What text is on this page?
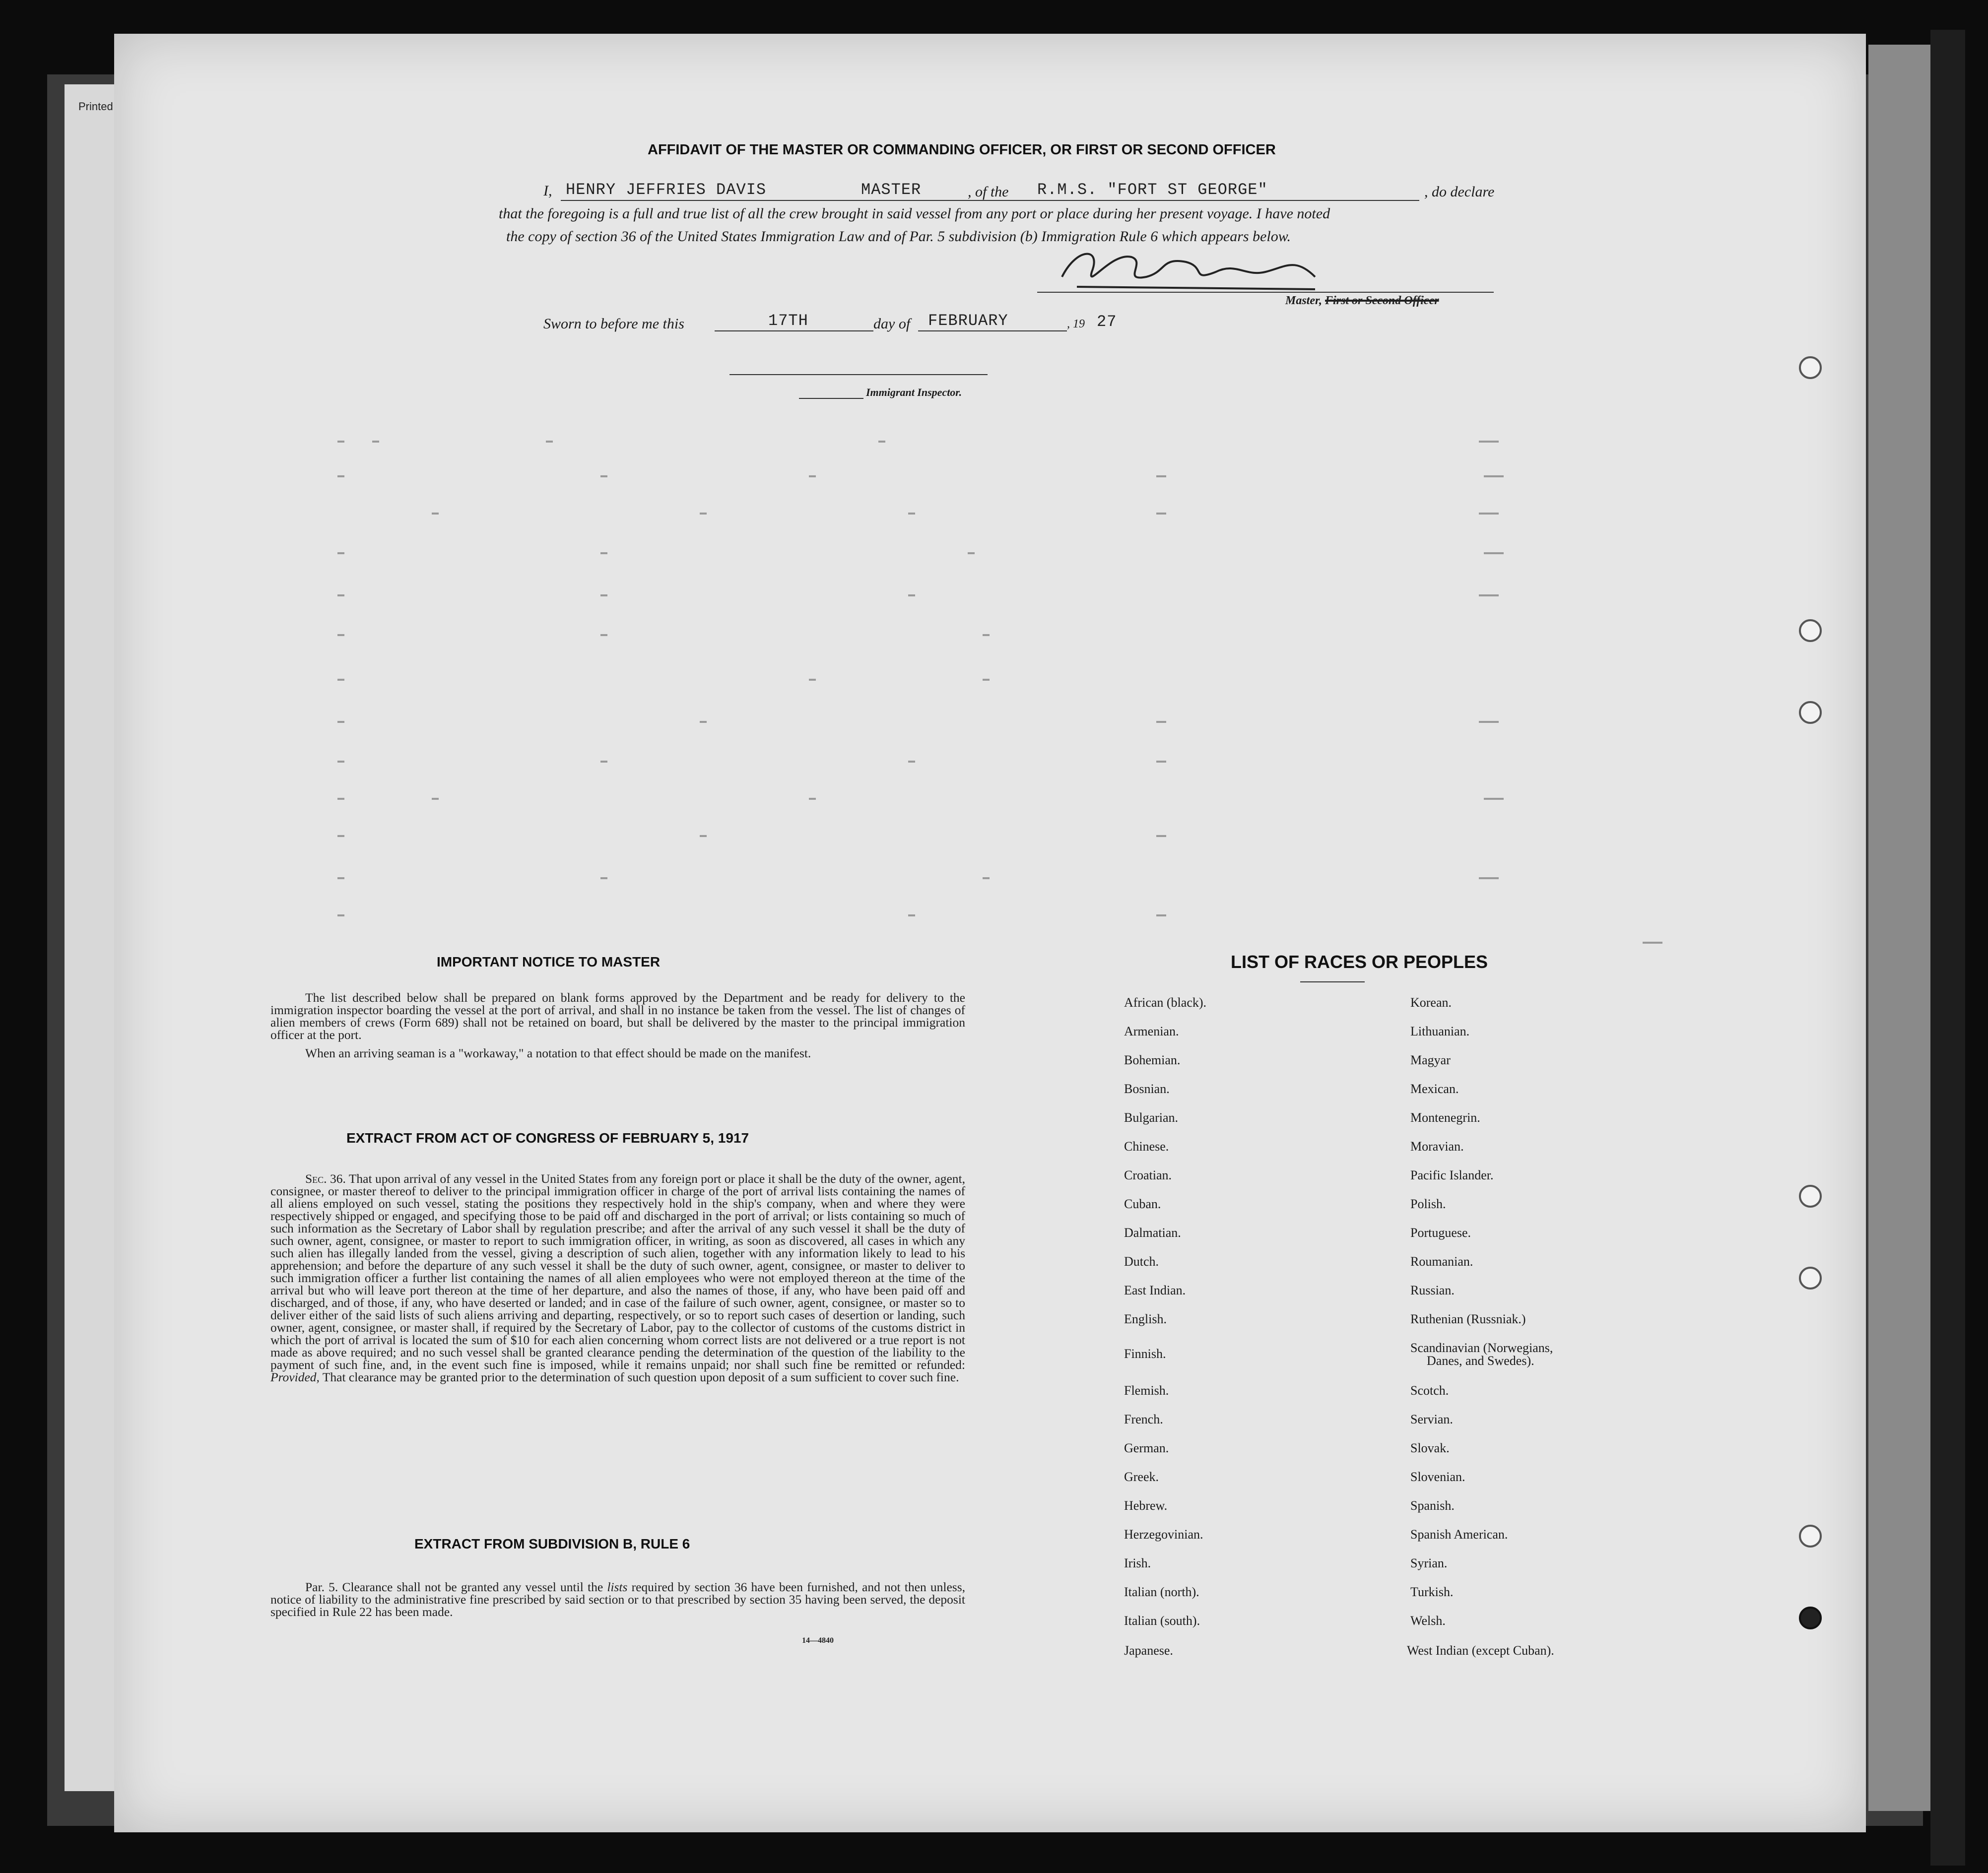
Printed
AFFIDAVIT OF THE MASTER OR COMMANDING OFFICER, OR FIRST OR SECOND OFFICER
I, HENRY JEFFRIES DAVIS	MASTER	, of the R.M.S. "FORT ST GEORGE"	, do declare
that the foregoing is a full and true list of all the crew brought in said vessel from any port or place during her present voyage. I have noted
the copy of section 36 of the United States Immigration Law and of Par. 5 subdivision (b) Immigration Rule 6 which appears below.
Master, First or Second Officer
Sworn to before me this	17TH	day of FEBRUARY	, 19 27
Immigrant Inspector.
IMPORTANT NOTICE TO MASTER

The list described below shall be prepared on blank forms approved by the Department and be ready for delivery to the immigration inspector boarding the vessel at the port of arrival, and shall in no instance be taken from the vessel. The list of changes of alien members of crews (Form 689) shall not be retained on board, but shall be delivered by the master to the principal immigration officer at the port.

When an arriving seaman is a "workaway," a notation to that effect should be made on the manifest.

EXTRACT FROM ACT OF CONGRESS OF FEBRUARY 5, 1917

Sec. 36. That upon arrival of any vessel in the United States from any foreign port or place it shall be the duty of the owner, agent, consignee, or master thereof to deliver to the principal immigration officer in charge of the port of arrival lists containing the names of all aliens employed on such vessel, stating the positions they respectively hold in the ship's company, when and where they were respectively shipped or engaged, and specifying those to be paid off and discharged in the port of arrival; or lists containing so much of such information as the Secretary of Labor shall by regulation prescribe; and after the arrival of any such vessel it shall be the duty of such owner, agent, consignee, or master to report to such immigration officer, in writing, as soon as discovered, all cases in which any such alien has illegally landed from the vessel, giving a description of such alien, together with any information likely to lead to his apprehension; and before the departure of any such vessel it shall be the duty of such owner, agent, consignee, or master to deliver to such immigration officer a further list containing the names of all alien employees who were not employed thereon at the time of the arrival but who will leave port thereon at the time of her departure, and also the names of those, if any, who have been paid off and discharged, and of those, if any, who have deserted or landed; and in case of the failure of such owner, agent, consignee, or master so to deliver either of the said lists of such aliens arriving and departing, respectively, or so to report such cases of desertion or landing, such owner, agent, consignee, or master shall, if required by the Secretary of Labor, pay to the collector of customs of the customs district in which the port of arrival is located the sum of $10 for each alien concerning whom correct lists are not delivered or a true report is not made as above required; and no such vessel shall be granted clearance pending the determination of the question of the liability to the payment of such fine, and, in the event such fine is imposed, while it remains unpaid; nor shall such fine be remitted or refunded: Provided, That clearance may be granted prior to the determination of such question upon deposit of a sum sufficient to cover such fine.

EXTRACT FROM SUBDIVISION B, RULE 6

Par. 5. Clearance shall not be granted any vessel until the lists required by section 36 have been furnished, and not then unless, notice of liability to the administrative fine prescribed by said section or to that prescribed by section 35 having been served, the deposit specified in Rule 22 has been made.

14—4840
LIST OF RACES OR PEOPLES
African (black).
Armenian.
Bohemian.
Bosnian.
Bulgarian.
Chinese.
Croatian.
Cuban.
Dalmatian.
Dutch.
East Indian.
English.
Finnish.
Flemish.
French.
German.
Greek.
Hebrew.
Herzegovinian.
Irish.
Italian (north).
Italian (south).
Japanese.
Korean.
Lithuanian.
Magyar
Mexican.
Montenegrin.
Moravian.
Pacific Islander.
Polish.
Portuguese.
Roumanian.
Russian.
Ruthenian (Russniak.)
Scandinavian (Norwegians,
Danes, and Swedes).
Scotch.
Servian.
Slovak.
Slovenian.
Spanish.
Spanish American.
Syrian.
Turkish.
Welsh.
West Indian (except Cuban).
